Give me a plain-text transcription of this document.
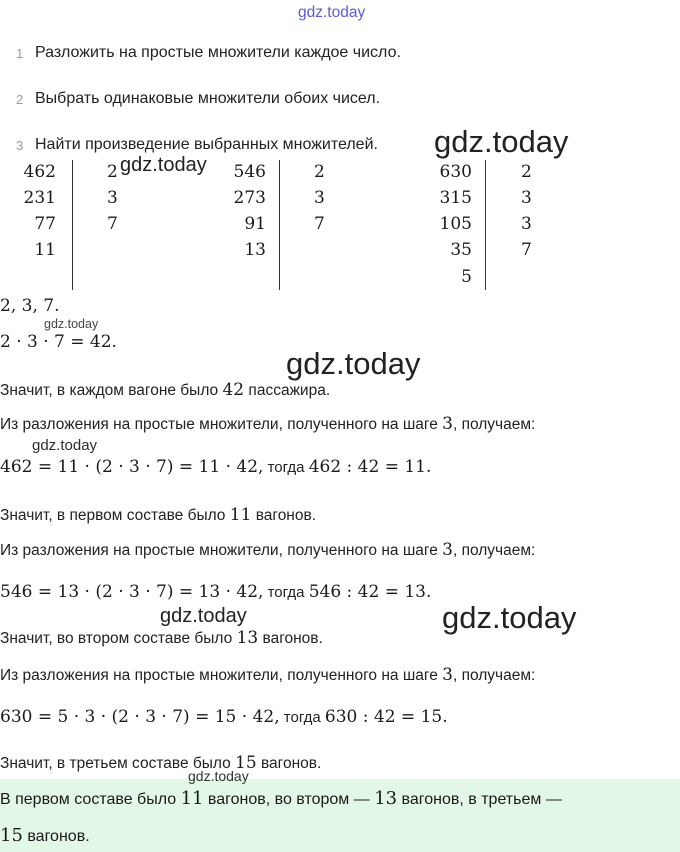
gdz.today
1 Разложить на простые множители каждое число.
2 Выбрать одинаковые множители обоих чисел.
3 Найти произведение выбранных множителей. gdz.today
462
231
77
11
2
3
7
gdz.today	546
273
91
13
2
3
7
630
315
105
35
5
2
3
3
7
2, 3, 7.
gdz.today
2 · 3 · 7 = 42.
gdz.today
Значит, в каждом вагоне было 42 пассажира.
Из разложения на простые множители, полученного на шаге 3, получаем:
gdz.today
462 = 11 · (2 · 3 · 7) = 11 · 42, тогда 462 : 42 = 11.
Значит, в первом составе было 11 вагонов.
Из разложения на простые множители, полученного на шаге 3, получаем:
546 = 13 · (2 · 3 · 7) = 13 · 42, тогда 546 : 42 = 13.
gdz.today	gdz.today
Значит, во втором составе было 13 вагонов.
Из разложения на простые множители, полученного на шаге 3, получаем:
630 = 5 · 3 · (2 · 3 · 7) = 15 · 42, тогда 630 : 42 = 15.
Значит, в третьем составе было 15 вагонов.
В первом составе было 11 вагонов, во втором — 13 вагонов, в третьем —
15 вагонов.
gdz.today
